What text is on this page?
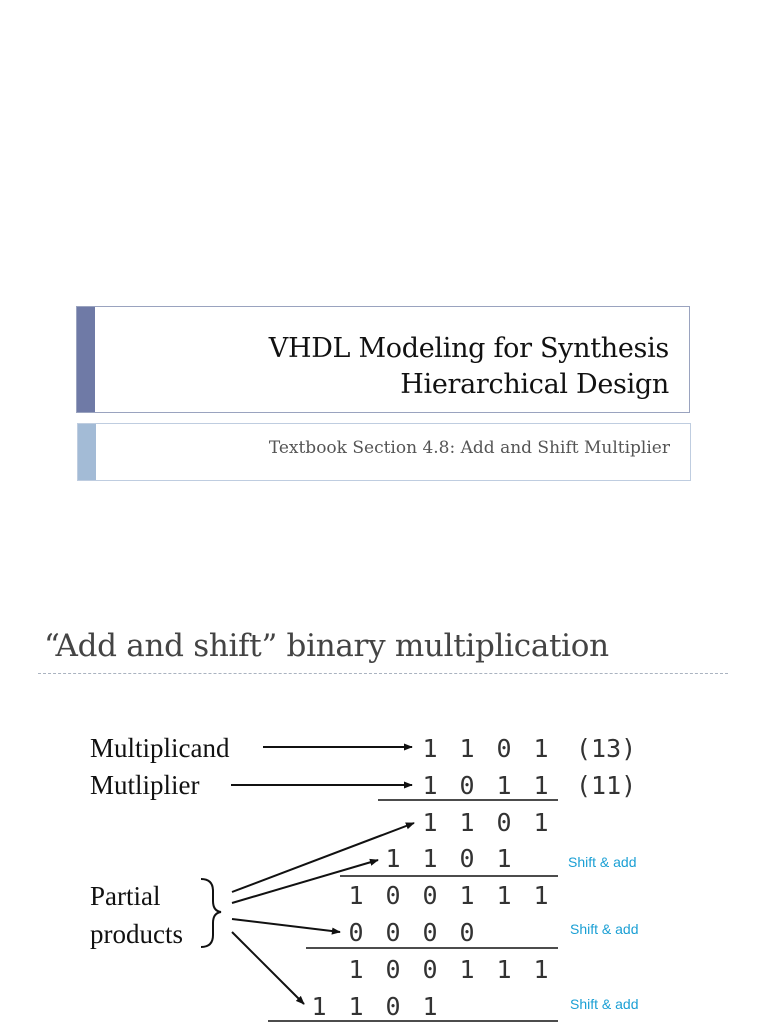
VHDL Modeling for Synthesis
Hierarchical Design
Textbook Section 4.8: Add and Shift Multiplier
“Add and shift” binary multiplication
Multiplicand
Mutliplier
Partial
products
1 1 0 1 (13)
1 0 1 1 (11)
1 1 0 1
1 1 0 1
1 0 0 1 1 1
0 0 0 0
1 0 0 1 1 1
1 1 0 1
Shift & add
Shift & add
Shift & add
